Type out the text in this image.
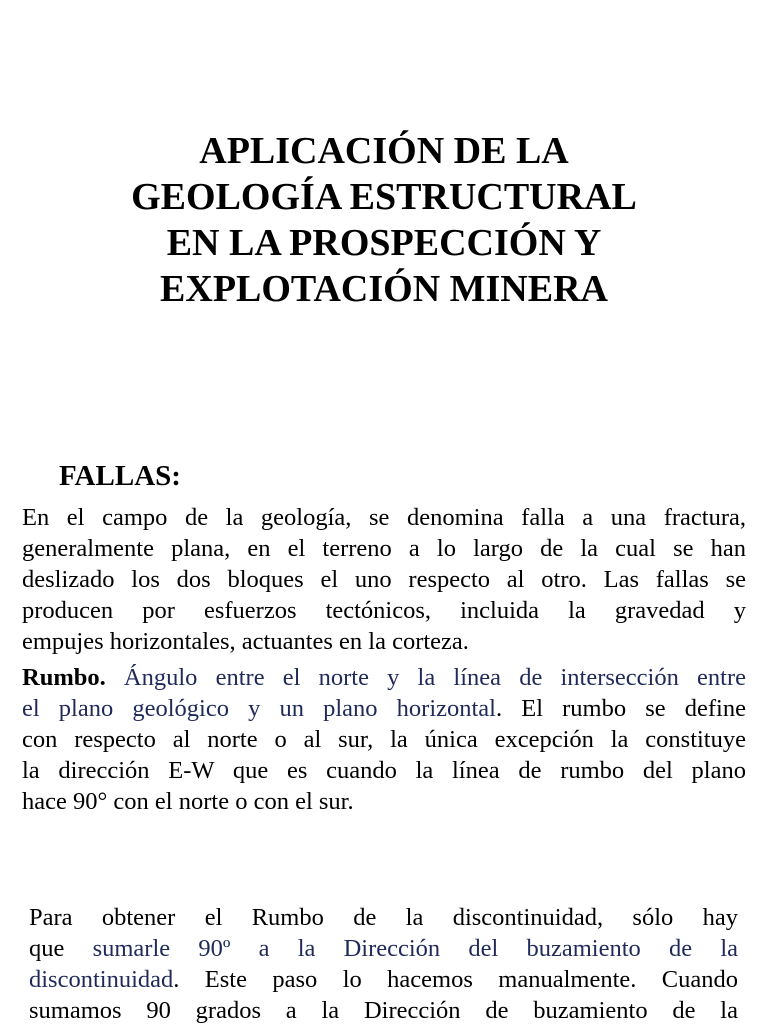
APLICACIÓN DE LA
GEOLOGÍA ESTRUCTURAL
EN LA PROSPECCIÓN Y
EXPLOTACIÓN MINERA
FALLAS:

En el campo de la geología, se denomina falla a una fractura,
generalmente plana, en el terreno a lo largo de la cual se han
deslizado los dos bloques el uno respecto al otro. Las fallas se
producen por esfuerzos tectónicos, incluida la gravedad y
empujes horizontales, actuantes en la corteza.

Rumbo. Ángulo entre el norte y la línea de intersección entre
el plano geológico y un plano horizontal. El rumbo se define
con respecto al norte o al sur, la única excepción la constituye
la dirección E-W que es cuando la línea de rumbo del plano
hace 90° con el norte o con el sur.

Para obtener el Rumbo de la discontinuidad, sólo hay
que sumarle 90º a la Dirección del buzamiento de la
discontinuidad. Este paso lo hacemos manualmente. Cuando
sumamos 90 grados a la Dirección de buzamiento de la
